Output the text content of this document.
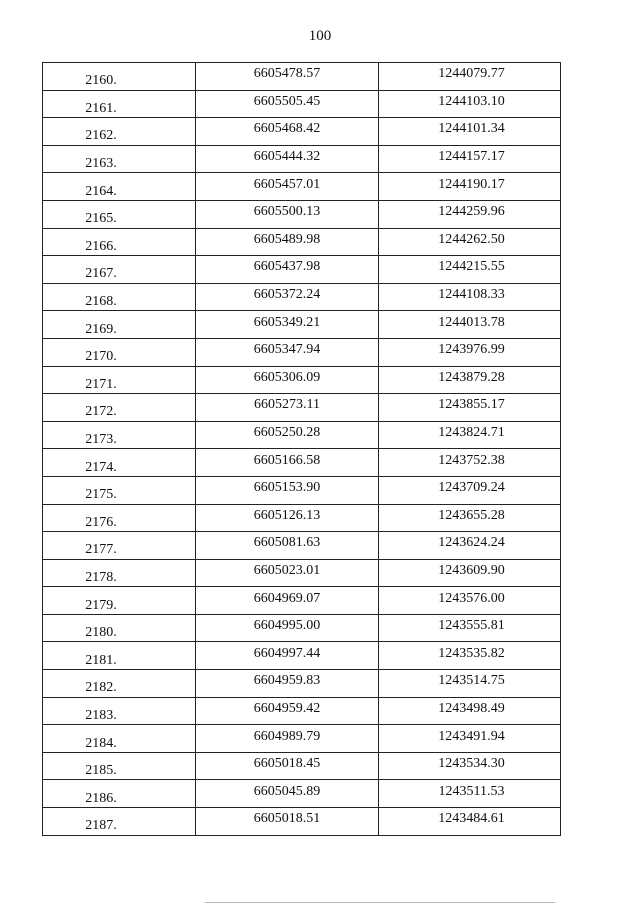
100
2160.	6605478.57	1244079.77
2161.	6605505.45	1244103.10
2162.	6605468.42	1244101.34
2163.	6605444.32	1244157.17
2164.	6605457.01	1244190.17
2165.	6605500.13	1244259.96
2166.	6605489.98	1244262.50
2167.	6605437.98	1244215.55
2168.	6605372.24	1244108.33
2169.	6605349.21	1244013.78
2170.	6605347.94	1243976.99
2171.	6605306.09	1243879.28
2172.	6605273.11	1243855.17
2173.	6605250.28	1243824.71
2174.	6605166.58	1243752.38
2175.	6605153.90	1243709.24
2176.	6605126.13	1243655.28
2177.	6605081.63	1243624.24
2178.	6605023.01	1243609.90
2179.	6604969.07	1243576.00
2180.	6604995.00	1243555.81
2181.	6604997.44	1243535.82
2182.	6604959.83	1243514.75
2183.	6604959.42	1243498.49
2184.	6604989.79	1243491.94
2185.	6605018.45	1243534.30
2186.	6605045.89	1243511.53
2187.	6605018.51	1243484.61
